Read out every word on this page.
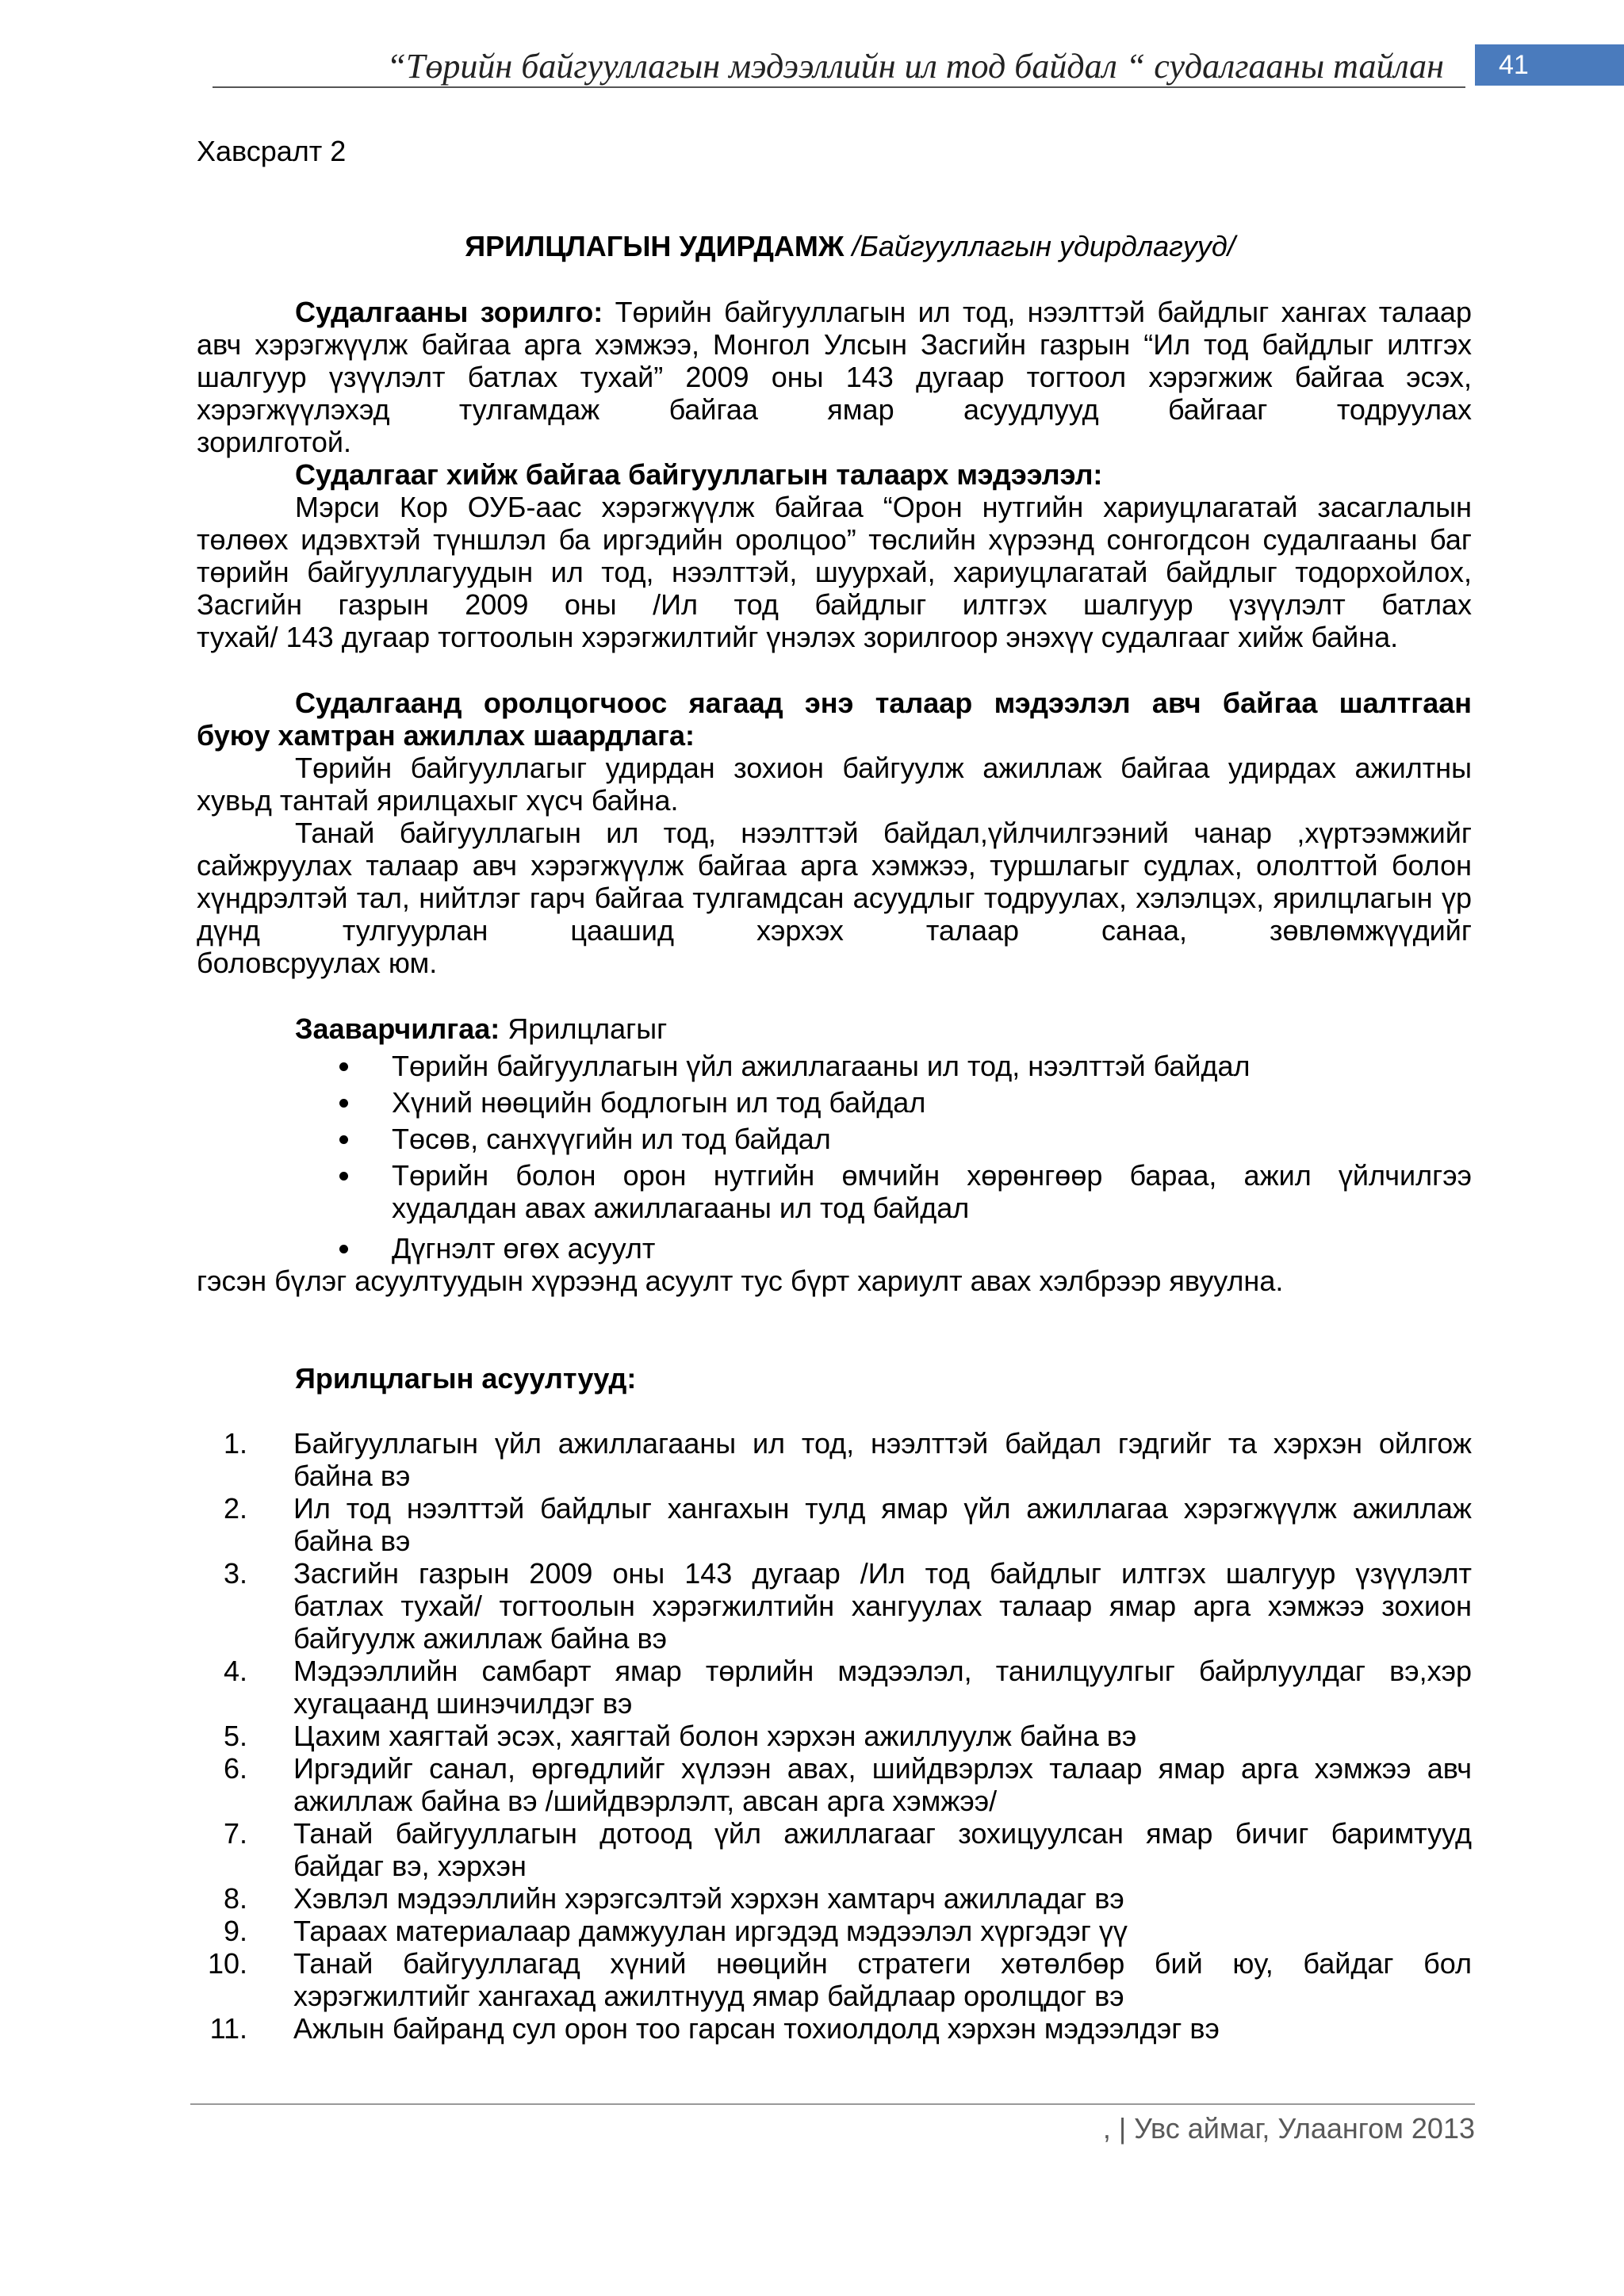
“Төрийн байгууллагын мэдээллийн ил тод байдал “ судалгааны тайлан	41
Хавсралт 2
ЯРИЛЦЛАГЫН УДИРДАМЖ /Байгууллагын удирдлагууд/
Судалгааны зорилго: Төрийн байгууллагын ил тод, нээлттэй байдлыг хангах талаар авч хэрэгжүүлж байгаа арга хэмжээ, Монгол Улсын Засгийн газрын “Ил тод байдлыг илтгэх шалгуур үзүүлэлт батлах тухай” 2009 оны 143 дугаар тогтоол хэрэгжиж байгаа эсэх, хэрэгжүүлэхэд тулгамдаж байгаа ямар асуудлууд байгааг тодруулах
зорилготой.
Судалгааг хийж байгаа байгууллагын талаарх мэдээлэл:
Мэрси Кор ОУБ-аас хэрэгжүүлж байгаа “Орон нутгийн хариуцлагатай засаглалын төлөөх идэвхтэй түншлэл ба иргэдийн оролцоо” төслийн хүрээнд сонгогдсон судалгааны баг төрийн байгууллагуудын ил тод, нээлттэй, шуурхай, хариуцлагатай байдлыг тодорхойлох, Засгийн газрын 2009 оны /Ил тод байдлыг илтгэх шалгуур үзүүлэлт батлах
тухай/ 143 дугаар тогтоолын хэрэгжилтийг үнэлэх зорилгоор энэхүү судалгааг хийж байна.
Судалгаанд оролцогчоос яагаад энэ талаар мэдээлэл авч байгаа шалтгаан
буюу хамтран ажиллах шаардлага:
Төрийн байгууллагыг удирдан зохион байгуулж ажиллаж байгаа удирдах ажилтны
хувьд тантай ярилцахыг хүсч байна.
Танай байгууллагын ил тод, нээлттэй байдал,үйлчилгээний чанар ,хүртээмжийг сайжруулах талаар авч хэрэгжүүлж байгаа арга хэмжээ, туршлагыг судлах, ололттой болон хүндрэлтэй тал, нийтлэг гарч байгаа тулгамдсан асуудлыг тодруулах, хэлэлцэх, ярилцлагын үр дүнд тулгуурлан цаашид хэрхэх талаар санаа, зөвлөмжүүдийг
боловсруулах юм.
Зааварчилгаа: Ярилцлагыг
Төрийн байгууллагын үйл ажиллагааны ил тод, нээлттэй байдал
Хүний нөөцийн бодлогын ил тод байдал
Төсөв, санхүүгийн ил тод байдал
Төрийн болон орон нутгийн өмчийн хөрөнгөөр бараа, ажил үйлчилгээ
худалдан авах ажиллагааны ил тод байдал
Дүгнэлт өгөх асуулт
гэсэн бүлэг асуултуудын хүрээнд асуулт тус бүрт хариулт авах хэлбрээр явуулна.
Ярилцлагын асуултууд:
1. Байгууллагын үйл ажиллагааны ил тод, нээлттэй байдал гэдгийг та хэрхэн ойлгож
байна вэ
2. Ил тод нээлттэй байдлыг хангахын тулд ямар үйл ажиллагаа хэрэгжүүлж ажиллаж
байна вэ
3. Засгийн газрын 2009 оны 143 дугаар /Ил тод байдлыг илтгэх шалгуур үзүүлэлт
батлах тухай/ тогтоолын хэрэгжилтийн хангуулах талаар ямар арга хэмжээ зохион
байгуулж ажиллаж байна вэ
4. Мэдээллийн самбарт ямар төрлийн мэдээлэл, танилцуулгыг байрлуулдаг вэ,хэр
хугацаанд шинэчилдэг вэ
5. Цахим хаягтай эсэх, хаягтай болон хэрхэн ажиллуулж байна вэ
6. Иргэдийг санал, өргөдлийг хүлээн авах, шийдвэрлэх талаар ямар арга хэмжээ авч
ажиллаж байна вэ /шийдвэрлэлт, авсан арга хэмжээ/
7. Танай байгууллагын дотоод үйл ажиллагааг зохицуулсан ямар бичиг баримтууд
байдаг вэ, хэрхэн
8. Хэвлэл мэдээллийн хэрэгсэлтэй хэрхэн хамтарч ажилладаг вэ
9. Тараах материалаар дамжуулан иргэдэд мэдээлэл хүргэдэг үү
10. Танай байгууллагад хүний нөөцийн стратеги хөтөлбөр бий юу, байдаг бол
хэрэгжилтийг хангахад ажилтнууд ямар байдлаар оролцдог вэ
11. Ажлын байранд сул орон тоо гарсан тохиолдолд хэрхэн мэдээлдэг вэ
, | Увс аймаг, Улаангом 2013
